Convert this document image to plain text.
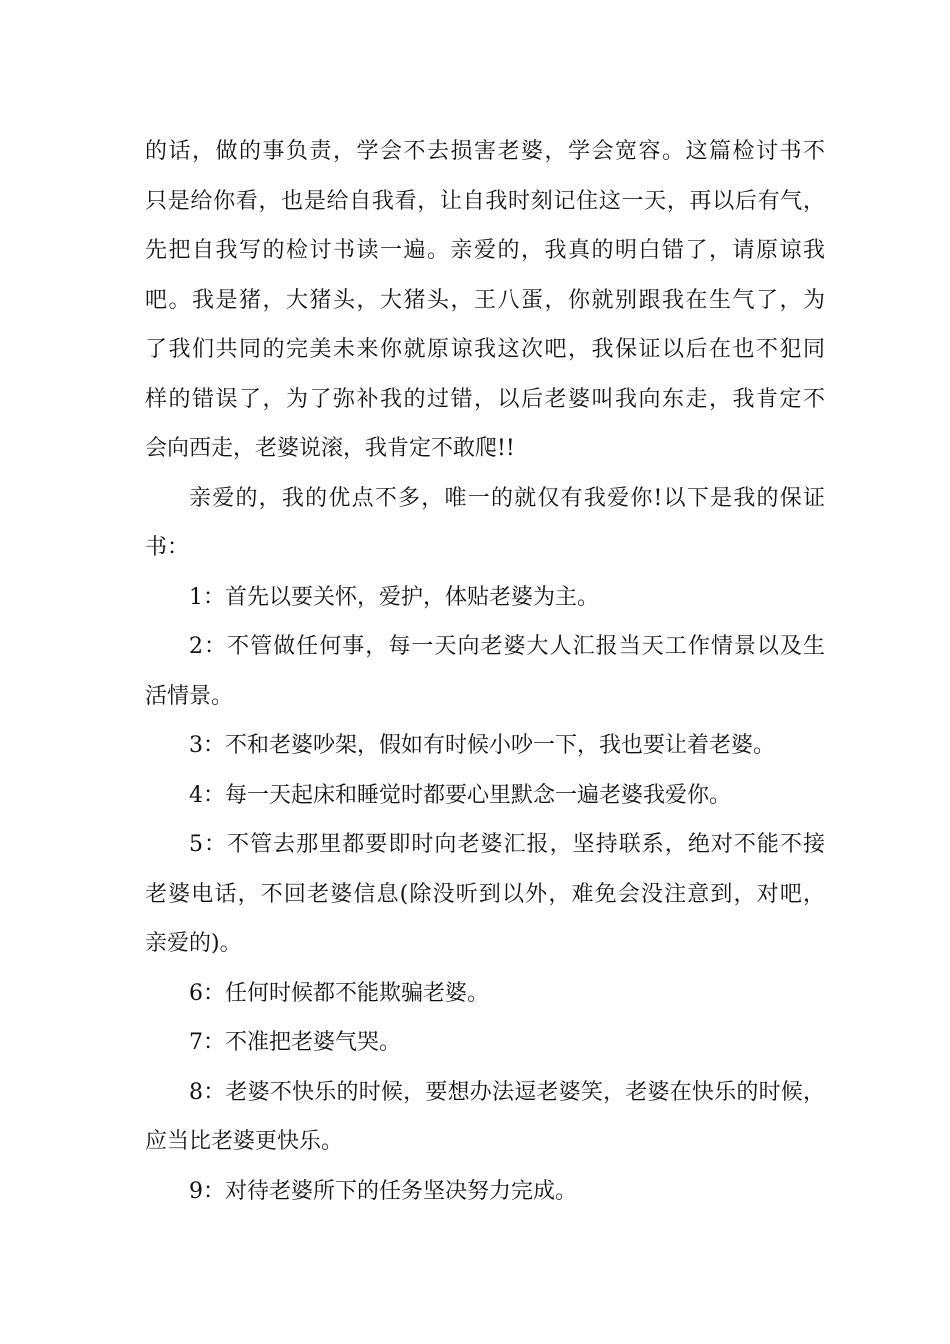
的话，做的事负责，学会不去损害老婆，学会宽容。这篇检讨书不
只是给你看，也是给自我看，让自我时刻记住这一天，再以后有气，
先把自我写的检讨书读一遍。亲爱的，我真的明白错了，请原谅我
吧。我是猪，大猪头，大猪头，王八蛋，你就别跟我在生气了，为
了我们共同的完美未来你就原谅我这次吧，我保证以后在也不犯同
样的错误了，为了弥补我的过错，以后老婆叫我向东走，我肯定不
会向西走，老婆说滚，我肯定不敢爬!!
亲爱的，我的优点不多，唯一的就仅有我爱你!以下是我的保证
书：
1：首先以要关怀，爱护，体贴老婆为主。
2：不管做任何事，每一天向老婆大人汇报当天工作情景以及生
活情景。
3：不和老婆吵架，假如有时候小吵一下，我也要让着老婆。
4：每一天起床和睡觉时都要心里默念一遍老婆我爱你。
5：不管去那里都要即时向老婆汇报，坚持联系，绝对不能不接
老婆电话，不回老婆信息(除没听到以外，难免会没注意到，对吧，
亲爱的)。
6：任何时候都不能欺骗老婆。
7：不准把老婆气哭。
8：老婆不快乐的时候，要想办法逗老婆笑，老婆在快乐的时候，
应当比老婆更快乐。
9：对待老婆所下的任务坚决努力完成。
